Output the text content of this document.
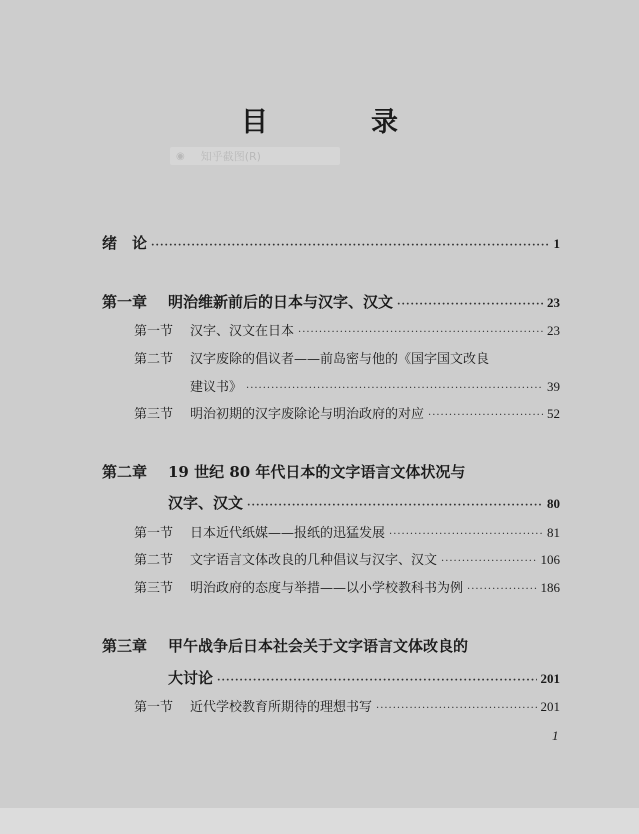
目　录
◉ 知乎截图(R)
绪　论 ·····	1
第一章	明治维新前后的日本与汉字、汉文 ·····	23
第一节	汉字、汉文在日本 ·····	23
第二节	汉字废除的倡议者——前岛密与他的《国字国文改良
建议书》 ·····	39
第三节	明治初期的汉字废除论与明治政府的对应 ·····	52
第二章	19 世纪 80 年代日本的文字语言文体状况与
汉字、汉文 ·····	80
第一节	日本近代纸媒——报纸的迅猛发展 ·····	81
第二节	文字语言文体改良的几种倡议与汉字、汉文 ·····	106
第三节	明治政府的态度与举措——以小学校教科书为例 ·····	186
第三章	甲午战争后日本社会关于文字语言文体改良的
大讨论 ·····	201
第一节	近代学校教育所期待的理想书写 ·····	201
1
